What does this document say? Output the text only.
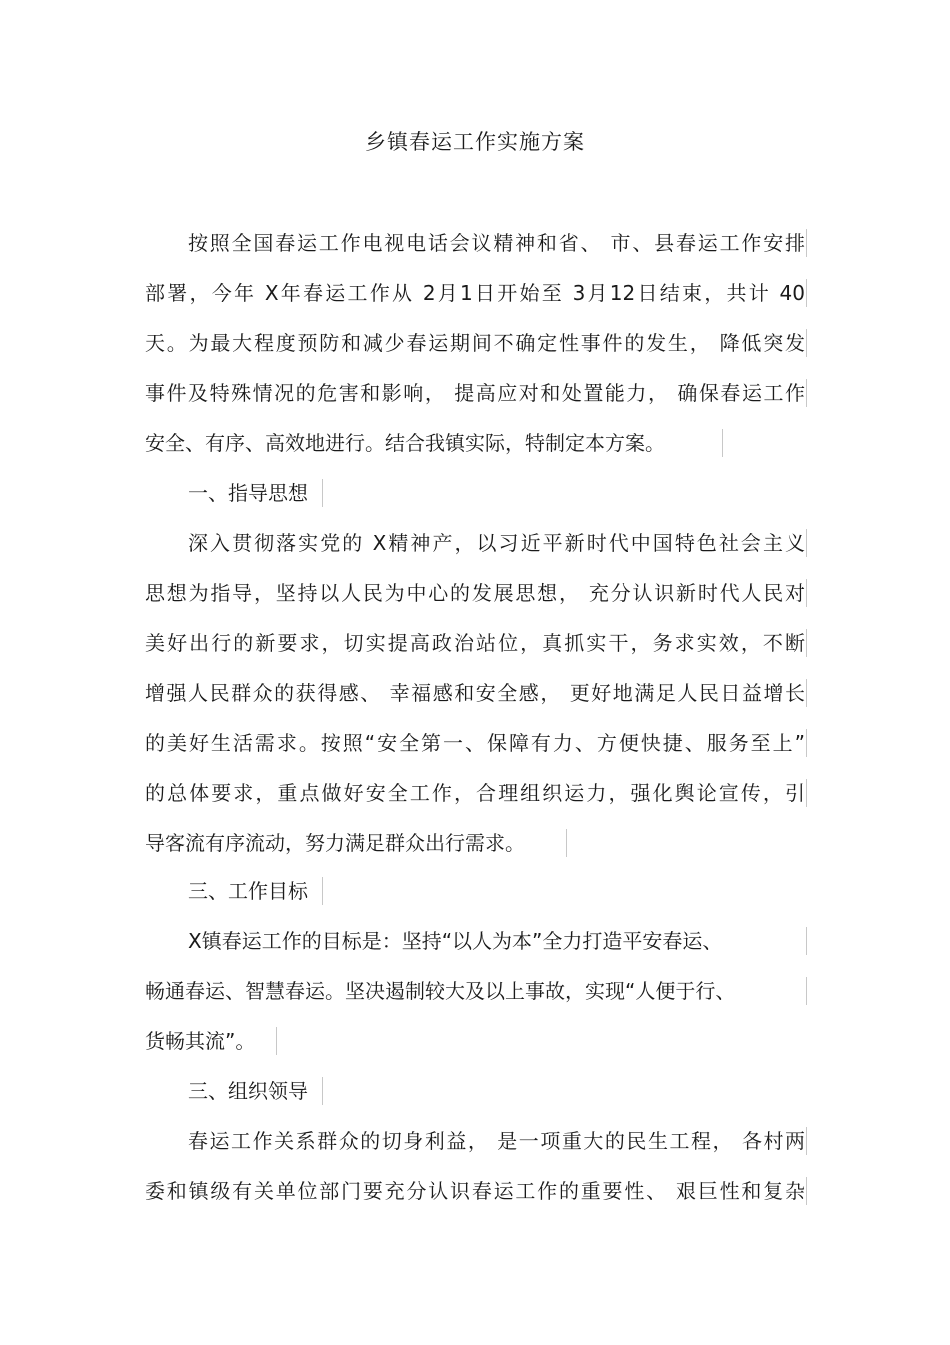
乡镇春运工作实施方案
按照全国春运工作电视电话会议精神和省、 市、县春运工作安排
部署，今年 X年春运工作从 2月1日开始至 3月12日结束，共计 40
天。为最大程度预防和减少春运期间不确定性事件的发生， 降低突发
事件及特殊情况的危害和影响， 提高应对和处置能力， 确保春运工作
安全、有序、高效地进行。结合我镇实际，特制定本方案。
一、指导思想
深入贯彻落实党的 X精神产，以习近平新时代中国特色社会主义
思想为指导，坚持以人民为中心的发展思想， 充分认识新时代人民对
美好出行的新要求，切实提高政治站位，真抓实干，务求实效，不断
增强人民群众的获得感、 幸福感和安全感， 更好地满足人民日益增长
的美好生活需求。按照“安全第一、保障有力、方便快捷、服务至上”
的总体要求，重点做好安全工作，合理组织运力，强化舆论宣传，引
导客流有序流动，努力满足群众出行需求。
三、工作目标
X镇春运工作的目标是：坚持“以人为本”全力打造平安春运、
畅通春运、智慧春运。坚决遏制较大及以上事故，实现“人便于行、
货畅其流”。
三、组织领导
春运工作关系群众的切身利益， 是一项重大的民生工程， 各村两
委和镇级有关单位部门要充分认识春运工作的重要性、 艰巨性和复杂
